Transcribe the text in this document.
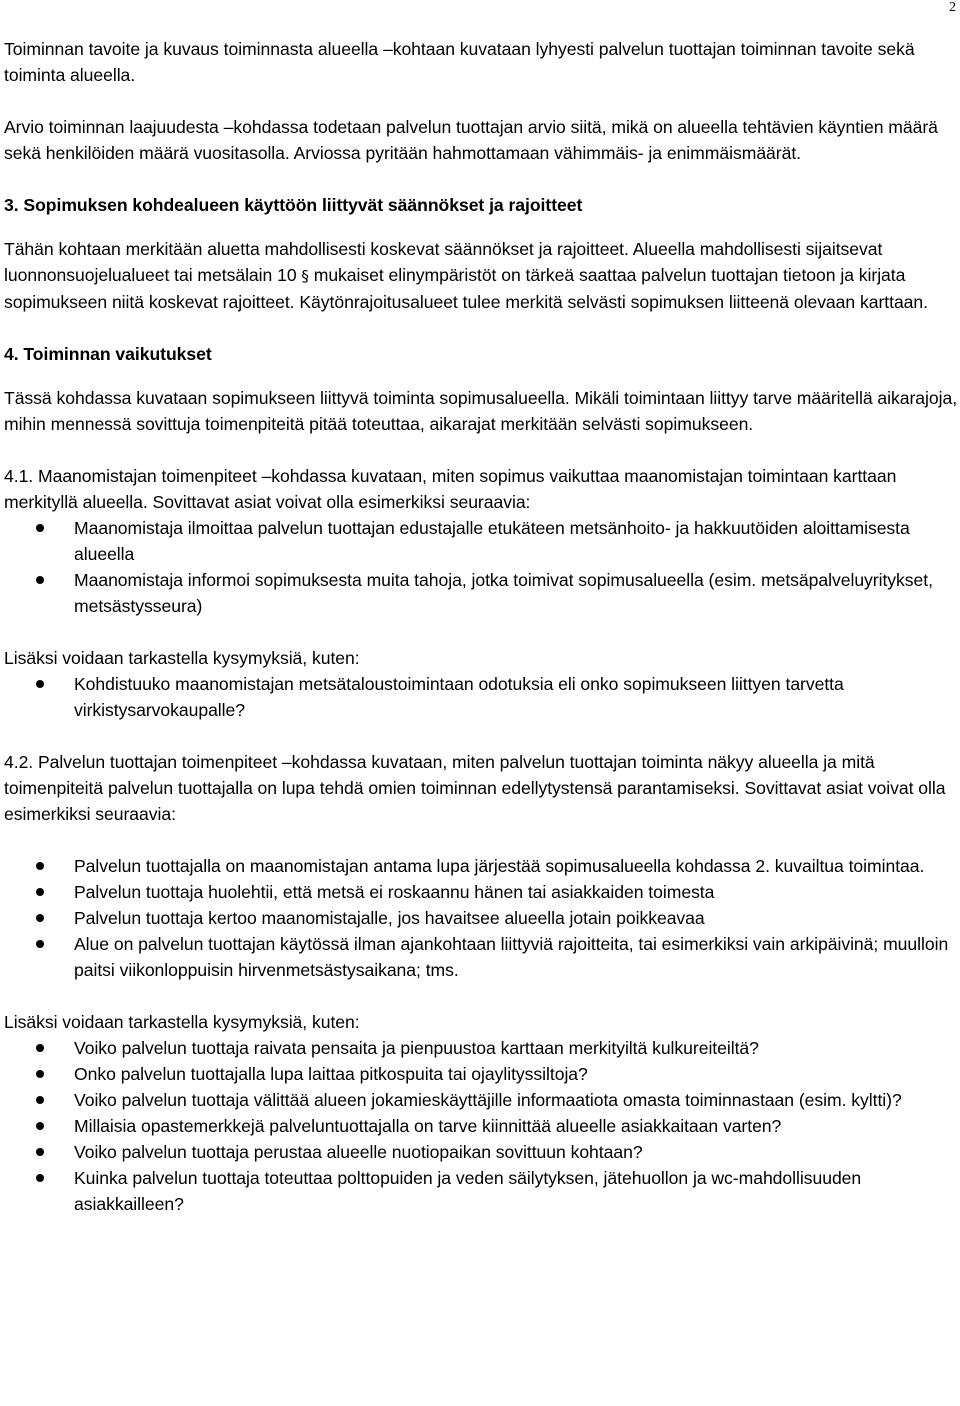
2

Toiminnan tavoite ja kuvaus toiminnasta alueella –kohtaan kuvataan lyhyesti palvelun tuottajan toiminnan tavoite sekä toiminta alueella.

Arvio toiminnan laajuudesta –kohdassa todetaan palvelun tuottajan arvio siitä, mikä on alueella tehtävien käyntien määrä sekä henkilöiden määrä vuositasolla. Arviossa pyritään hahmottamaan vähimmäis- ja enimmäismäärät.

3. Sopimuksen kohdealueen käyttöön liittyvät säännökset ja rajoitteet

Tähän kohtaan merkitään aluetta mahdollisesti koskevat säännökset ja rajoitteet. Alueella mahdollisesti sijaitsevat luonnonsuojelualueet tai metsälain 10 § mukaiset elinympäristöt on tärkeä saattaa palvelun tuottajan tietoon ja kirjata sopimukseen niitä koskevat rajoitteet. Käytönrajoitusalueet tulee merkitä selvästi sopimuksen liitteenä olevaan karttaan.

4. Toiminnan vaikutukset

Tässä kohdassa kuvataan sopimukseen liittyvä toiminta sopimusalueella. Mikäli toimintaan liittyy tarve määritellä aikarajoja, mihin mennessä sovittuja toimenpiteitä pitää toteuttaa, aikarajat merkitään selvästi sopimukseen.

4.1. Maanomistajan toimenpiteet –kohdassa kuvataan, miten sopimus vaikuttaa maanomistajan toimintaan karttaan merkityllä alueella. Sovittavat asiat voivat olla esimerkiksi seuraavia:

Maanomistaja ilmoittaa palvelun tuottajan edustajalle etukäteen metsänhoito- ja hakkuutöiden aloittamisesta alueella
Maanomistaja informoi sopimuksesta muita tahoja, jotka toimivat sopimusalueella (esim. metsäpalveluyritykset, metsästysseura)

Lisäksi voidaan tarkastella kysymyksiä, kuten:

Kohdistuuko maanomistajan metsätaloustoimintaan odotuksia eli onko sopimukseen liittyen tarvetta virkistysarvokaupalle?

4.2. Palvelun tuottajan toimenpiteet –kohdassa kuvataan, miten palvelun tuottajan toiminta näkyy alueella ja mitä toimenpiteitä palvelun tuottajalla on lupa tehdä omien toiminnan edellytystensä parantamiseksi. Sovittavat asiat voivat olla esimerkiksi seuraavia:

Palvelun tuottajalla on maanomistajan antama lupa järjestää sopimusalueella kohdassa 2. kuvailtua toimintaa.
Palvelun tuottaja huolehtii, että metsä ei roskaannu hänen tai asiakkaiden toimesta
Palvelun tuottaja kertoo maanomistajalle, jos havaitsee alueella jotain poikkeavaa
Alue on palvelun tuottajan käytössä ilman ajankohtaan liittyviä rajoitteita, tai esimerkiksi vain arkipäivinä; muulloin paitsi viikonloppuisin hirvenmetsästysaikana; tms.

Lisäksi voidaan tarkastella kysymyksiä, kuten:

Voiko palvelun tuottaja raivata pensaita ja pienpuustoa karttaan merkityiltä kulkureiteiltä?
Onko palvelun tuottajalla lupa laittaa pitkospuita tai ojaylityssiltoja?
Voiko palvelun tuottaja välittää alueen jokamieskäyttäjille informaatiota omasta toiminnastaan (esim. kyltti)?
Millaisia opastemerkkejä palveluntuottajalla on tarve kiinnittää alueelle asiakkaitaan varten?
Voiko palvelun tuottaja perustaa alueelle nuotiopaikan sovittuun kohtaan?
Kuinka palvelun tuottaja toteuttaa polttopuiden ja veden säilytyksen, jätehuollon ja wc-mahdollisuuden asiakkailleen?
